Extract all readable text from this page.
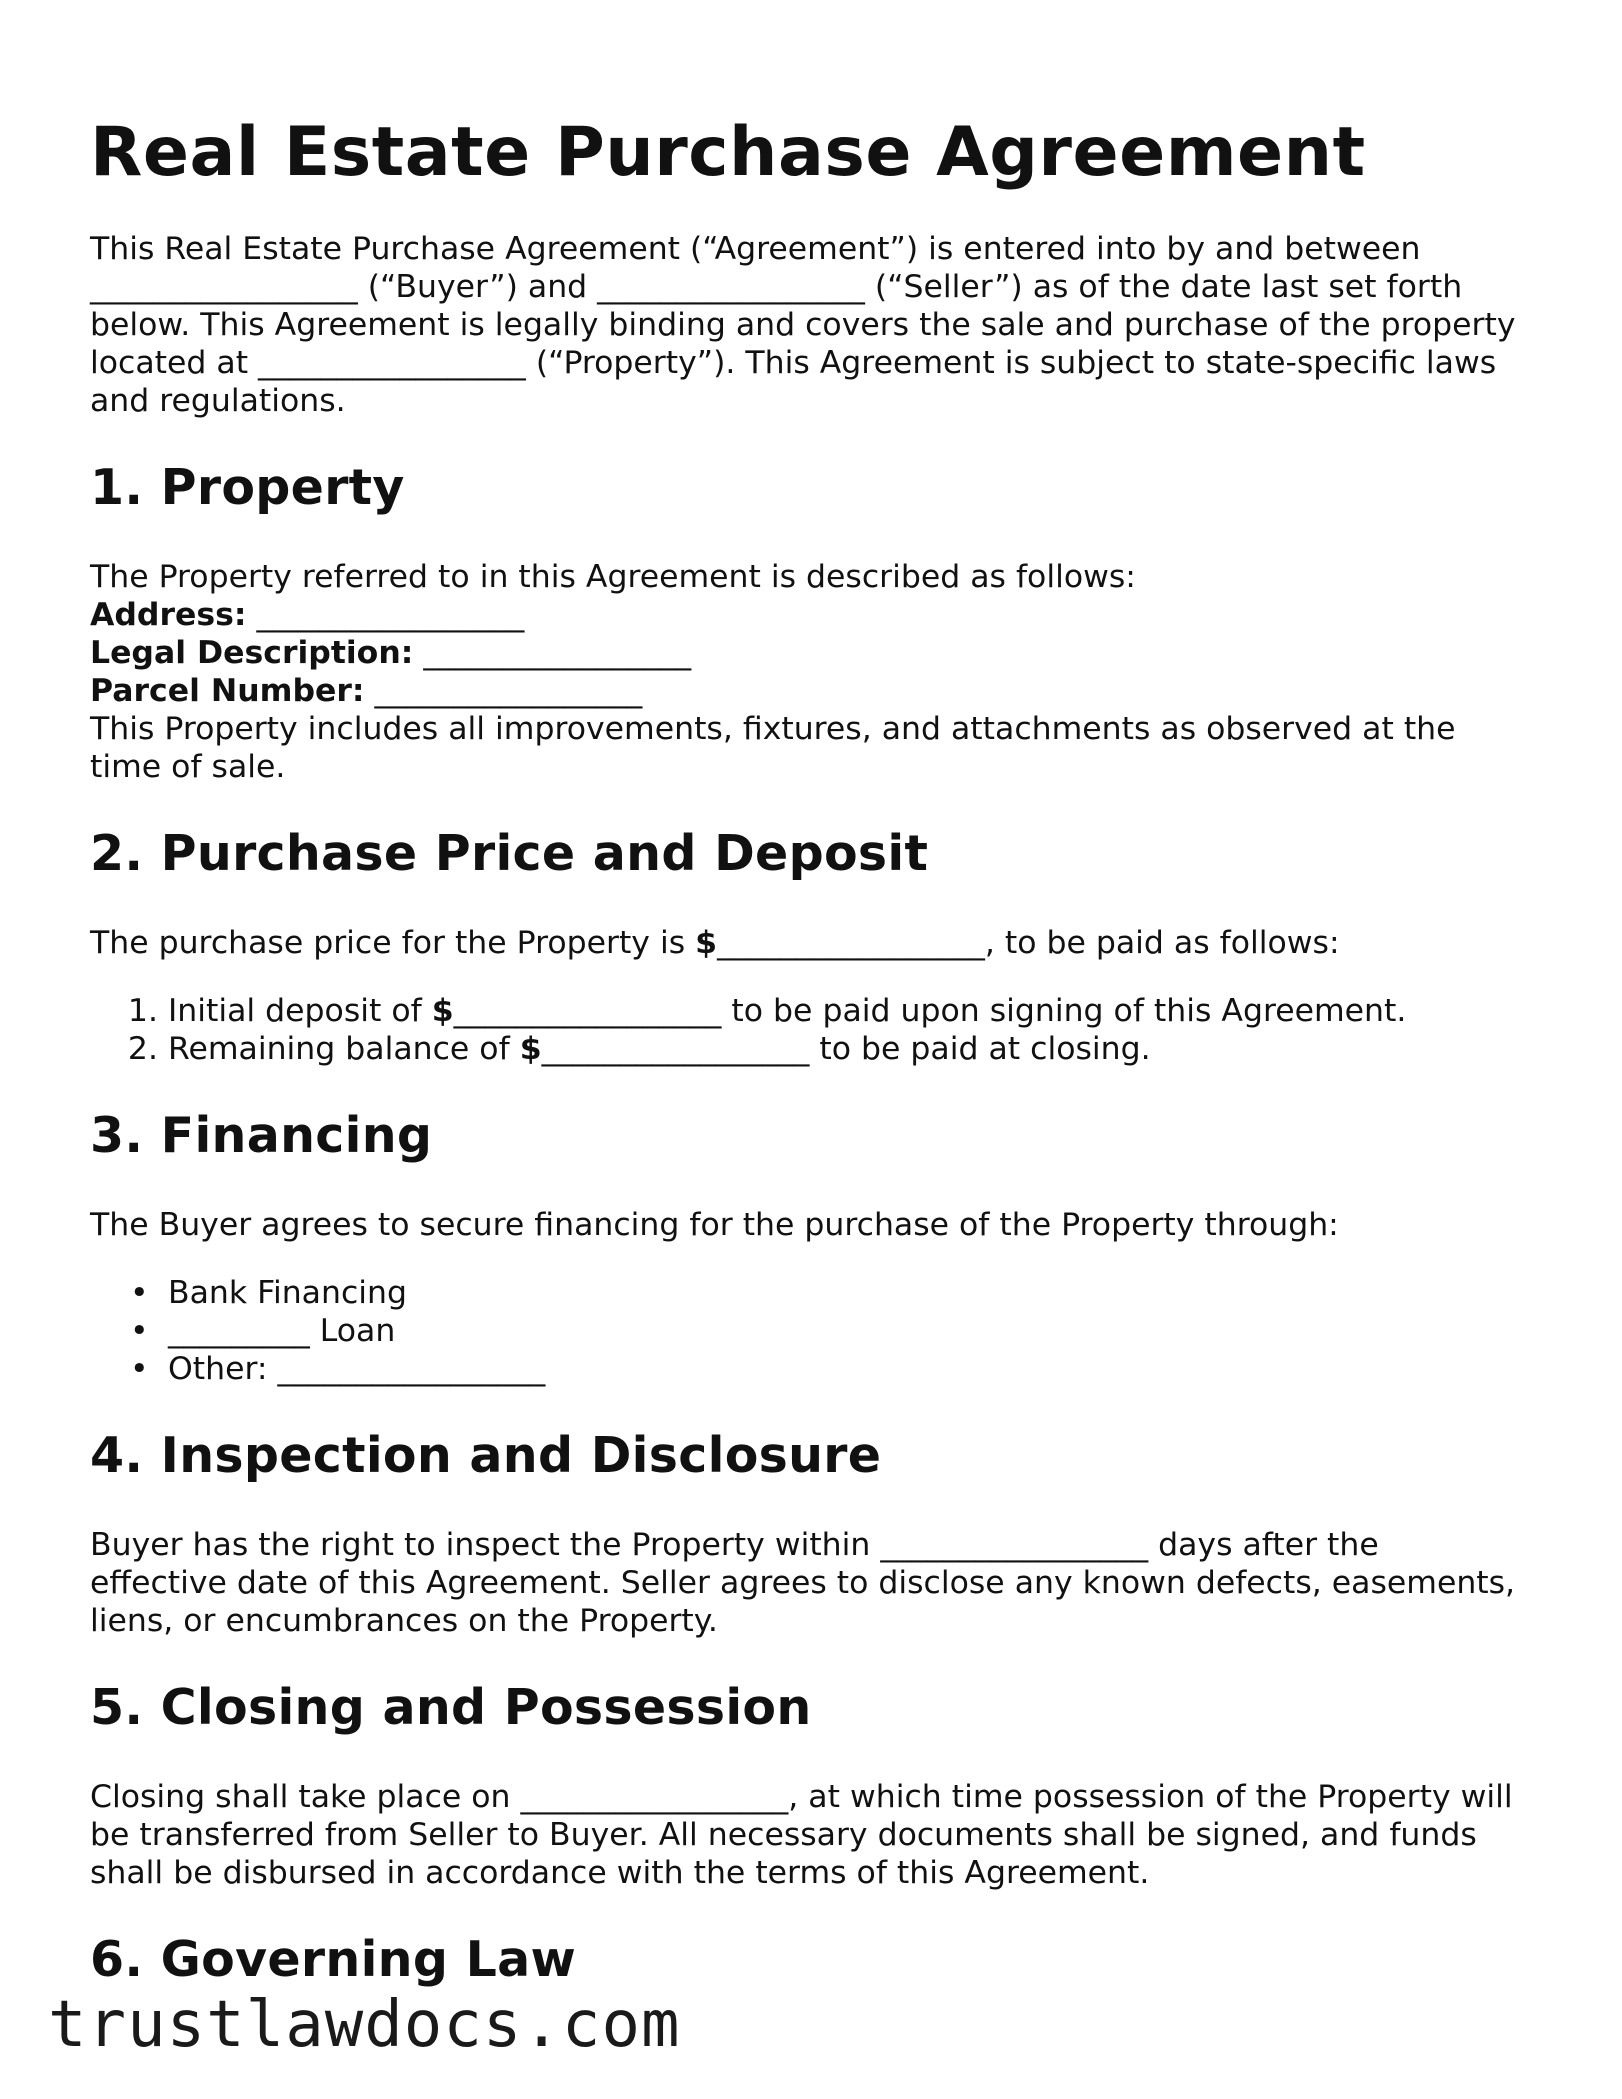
Real Estate Purchase Agreement
This Real Estate Purchase Agreement (“Agreement”) is entered into by and between
_________________ (“Buyer”) and _________________ (“Seller”) as of the date last set forth
below. This Agreement is legally binding and covers the sale and purchase of the property
located at _________________ (“Property”). This Agreement is subject to state-specific laws
and regulations.
1. Property
The Property referred to in this Agreement is described as follows:
Address: _________________
Legal Description: _________________
Parcel Number: _________________
This Property includes all improvements, fixtures, and attachments as observed at the
time of sale.
2. Purchase Price and Deposit
The purchase price for the Property is $_________________, to be paid as follows:
1. Initial deposit of $_________________ to be paid upon signing of this Agreement.
2. Remaining balance of $_________________ to be paid at closing.
3. Financing
The Buyer agrees to secure financing for the purchase of the Property through:
• Bank Financing
• _________ Loan
• Other: _________________
4. Inspection and Disclosure
Buyer has the right to inspect the Property within _________________ days after the
effective date of this Agreement. Seller agrees to disclose any known defects, easements,
liens, or encumbrances on the Property.
5. Closing and Possession
Closing shall take place on _________________, at which time possession of the Property will
be transferred from Seller to Buyer. All necessary documents shall be signed, and funds
shall be disbursed in accordance with the terms of this Agreement.
6. Governing Law
trustlawdocs.com
